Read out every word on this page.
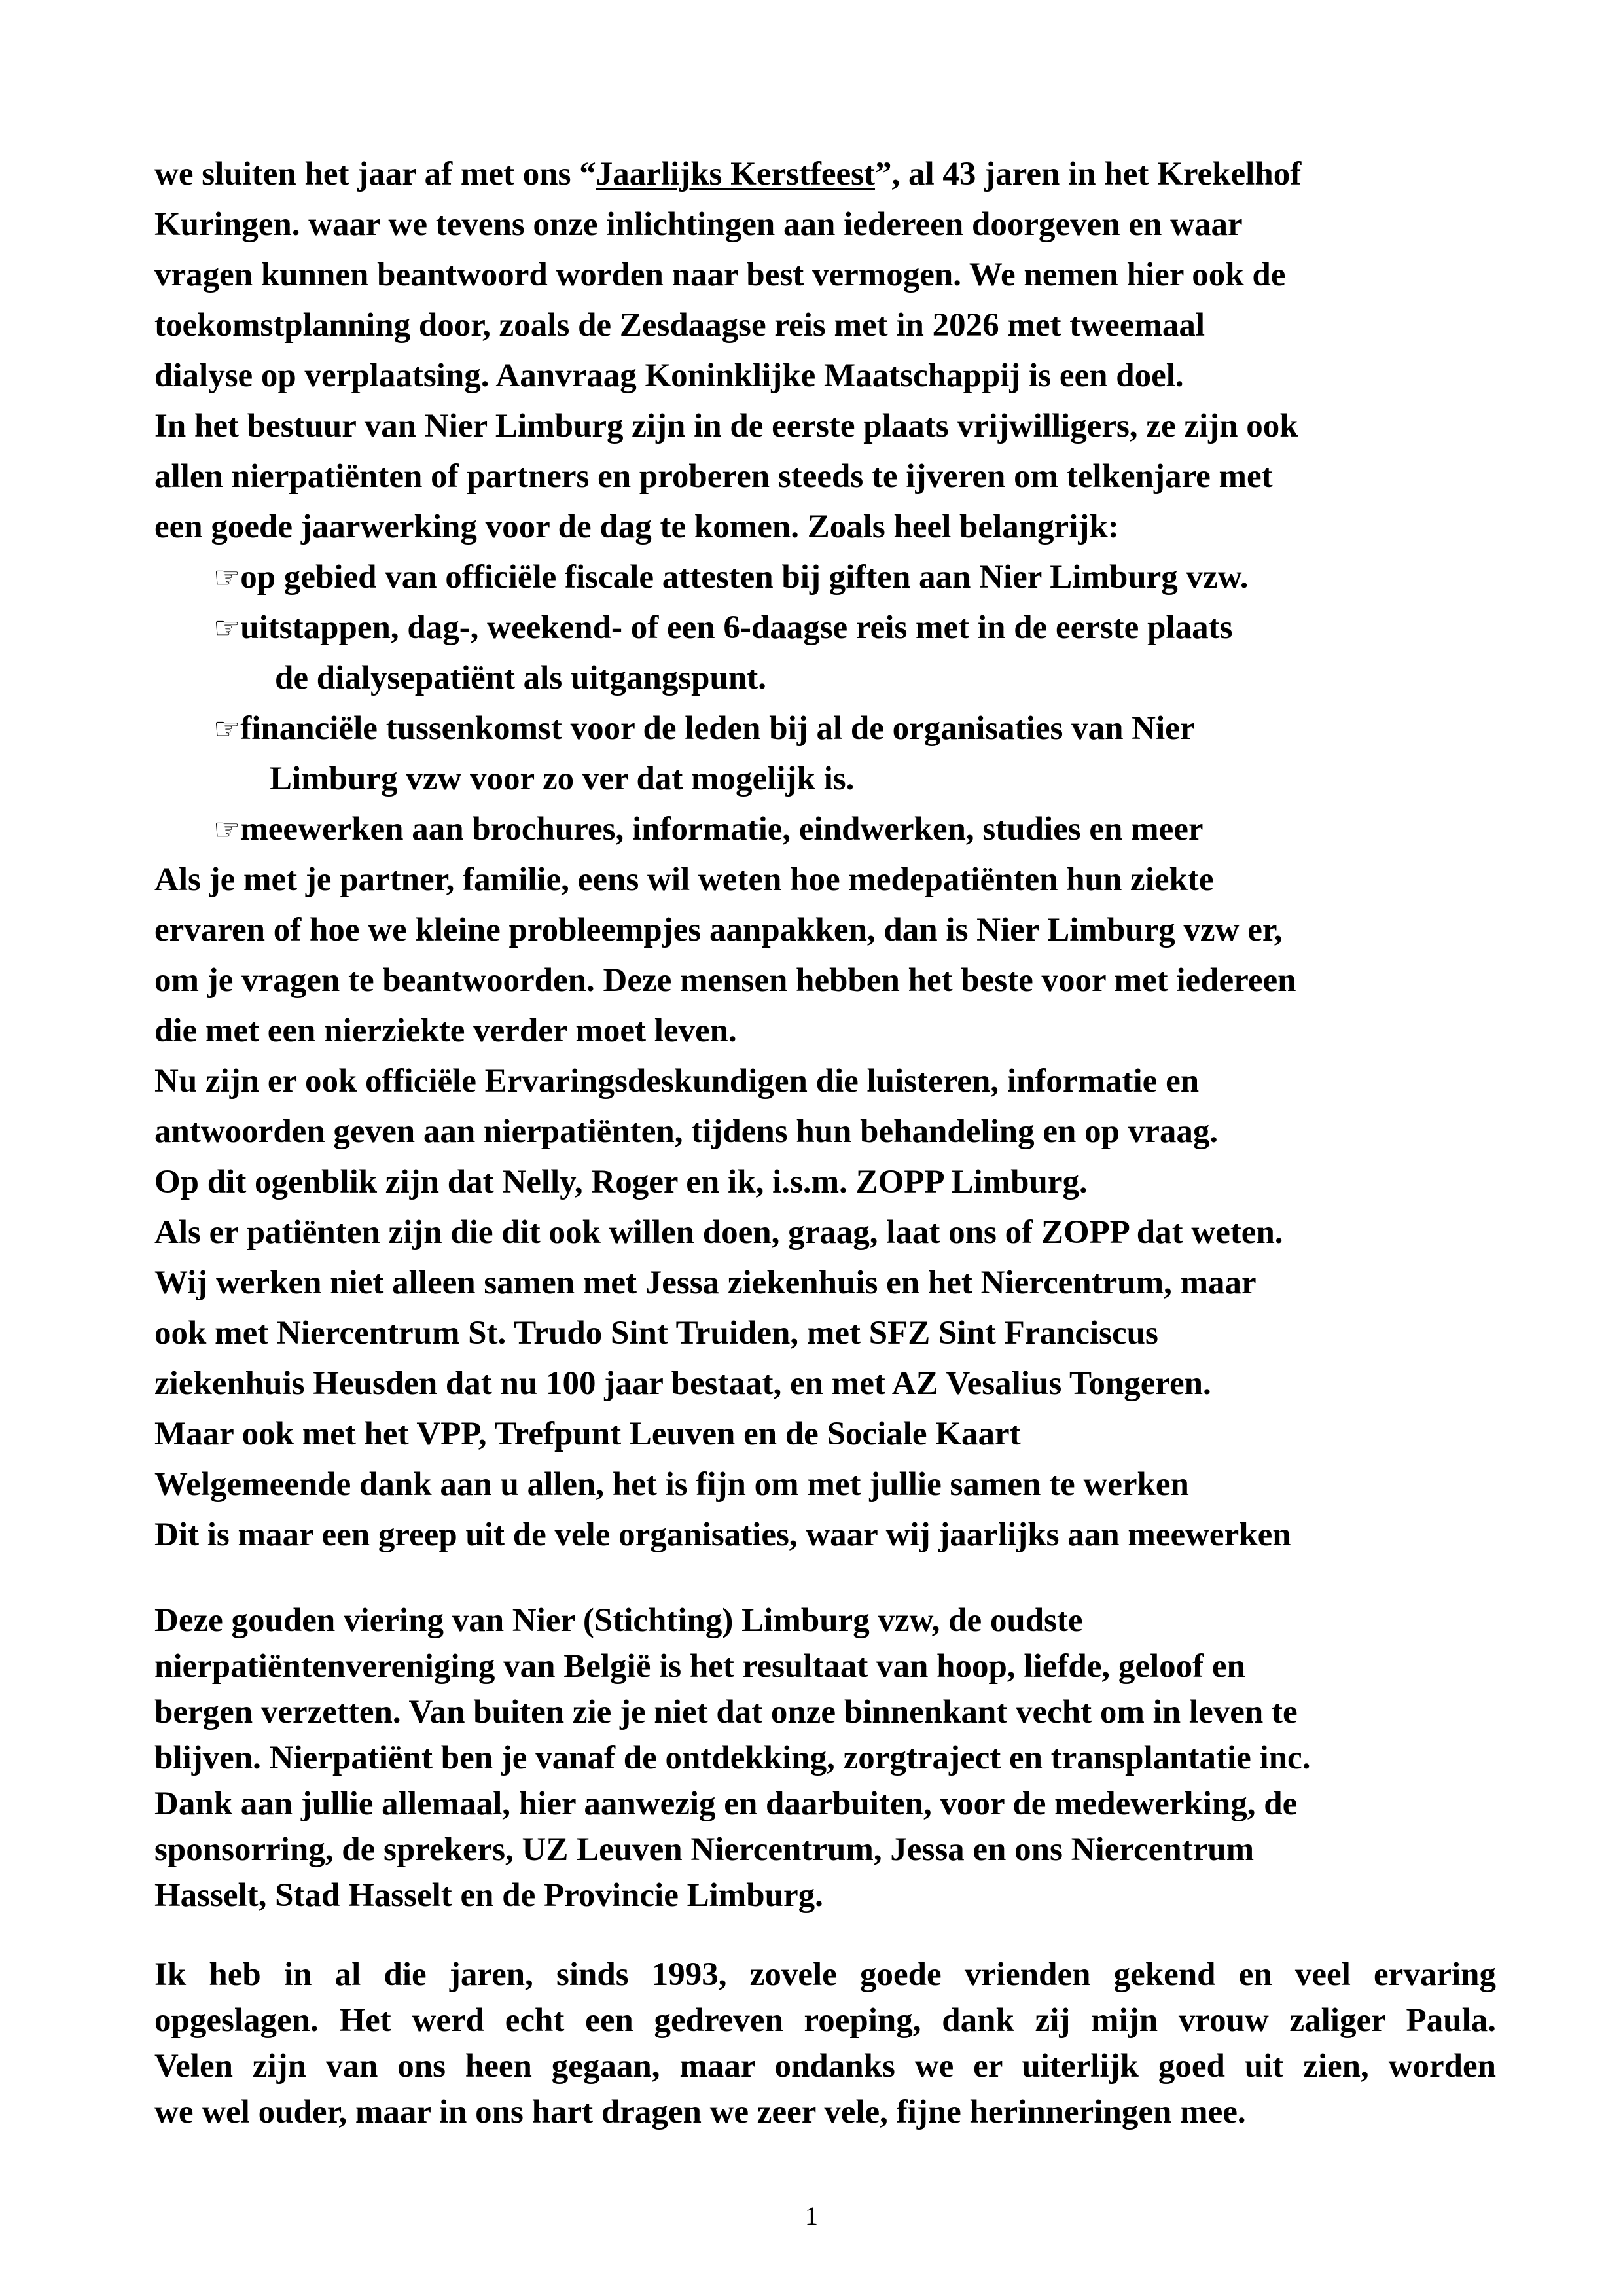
we sluiten het jaar af met ons “Jaarlijks Kerstfeest”, al 43 jaren in het Krekelhof
Kuringen. waar we tevens onze inlichtingen aan iedereen doorgeven en waar
vragen kunnen beantwoord worden naar best vermogen. We nemen hier ook de
toekomstplanning door, zoals de Zesdaagse reis met in 2026 met tweemaal
dialyse op verplaatsing. Aanvraag Koninklijke Maatschappij is een doel.
In het bestuur van Nier Limburg zijn in de eerste plaats vrijwilligers, ze zijn ook
allen nierpatiënten of partners en proberen steeds te ijveren om telkenjare met
een goede jaarwerking voor de dag te komen. Zoals heel belangrijk:
☞op gebied van officiële fiscale attesten bij giften aan Nier Limburg vzw.
☞uitstappen, dag-, weekend- of een 6-daagse reis met in de eerste plaats
de dialysepatiënt als uitgangspunt.
☞financiële tussenkomst voor de leden bij al de organisaties van Nier
Limburg vzw voor zo ver dat mogelijk is.
☞meewerken aan brochures, informatie, eindwerken, studies en meer
Als je met je partner, familie, eens wil weten hoe medepatiënten hun ziekte
ervaren of hoe we kleine probleempjes aanpakken, dan is Nier Limburg vzw er,
om je vragen te beantwoorden. Deze mensen hebben het beste voor met iedereen
die met een nierziekte verder moet leven.
Nu zijn er ook officiële Ervaringsdeskundigen die luisteren, informatie en
antwoorden geven aan nierpatiënten, tijdens hun behandeling en op vraag.
Op dit ogenblik zijn dat Nelly, Roger en ik, i.s.m. ZOPP Limburg.
Als er patiënten zijn die dit ook willen doen, graag, laat ons of ZOPP dat weten.
Wij werken niet alleen samen met Jessa ziekenhuis en het Niercentrum, maar
ook met Niercentrum St. Trudo Sint Truiden, met SFZ Sint Franciscus
ziekenhuis Heusden dat nu 100 jaar bestaat, en met AZ Vesalius Tongeren.
Maar ook met het VPP, Trefpunt Leuven en de Sociale Kaart
Welgemeende dank aan u allen, het is fijn om met jullie samen te werken
Dit is maar een greep uit de vele organisaties, waar wij jaarlijks aan meewerken
Deze gouden viering van Nier (Stichting) Limburg vzw, de oudste
nierpatiëntenvereniging van België is het resultaat van hoop, liefde, geloof en
bergen verzetten. Van buiten zie je niet dat onze binnenkant vecht om in leven te
blijven. Nierpatiënt ben je vanaf de ontdekking, zorgtraject en transplantatie inc.
Dank aan jullie allemaal, hier aanwezig en daarbuiten, voor de medewerking, de
sponsorring, de sprekers, UZ Leuven Niercentrum, Jessa en ons Niercentrum
Hasselt, Stad Hasselt en de Provincie Limburg.
Ik heb in al die jaren, sinds 1993, zovele goede vrienden gekend en veel ervaring
opgeslagen. Het werd echt een gedreven roeping, dank zij mijn vrouw zaliger Paula.
Velen zijn van ons heen gegaan, maar ondanks we er uiterlijk goed uit zien, worden
we wel ouder, maar in ons hart dragen we zeer vele, fijne herinneringen mee.
1
